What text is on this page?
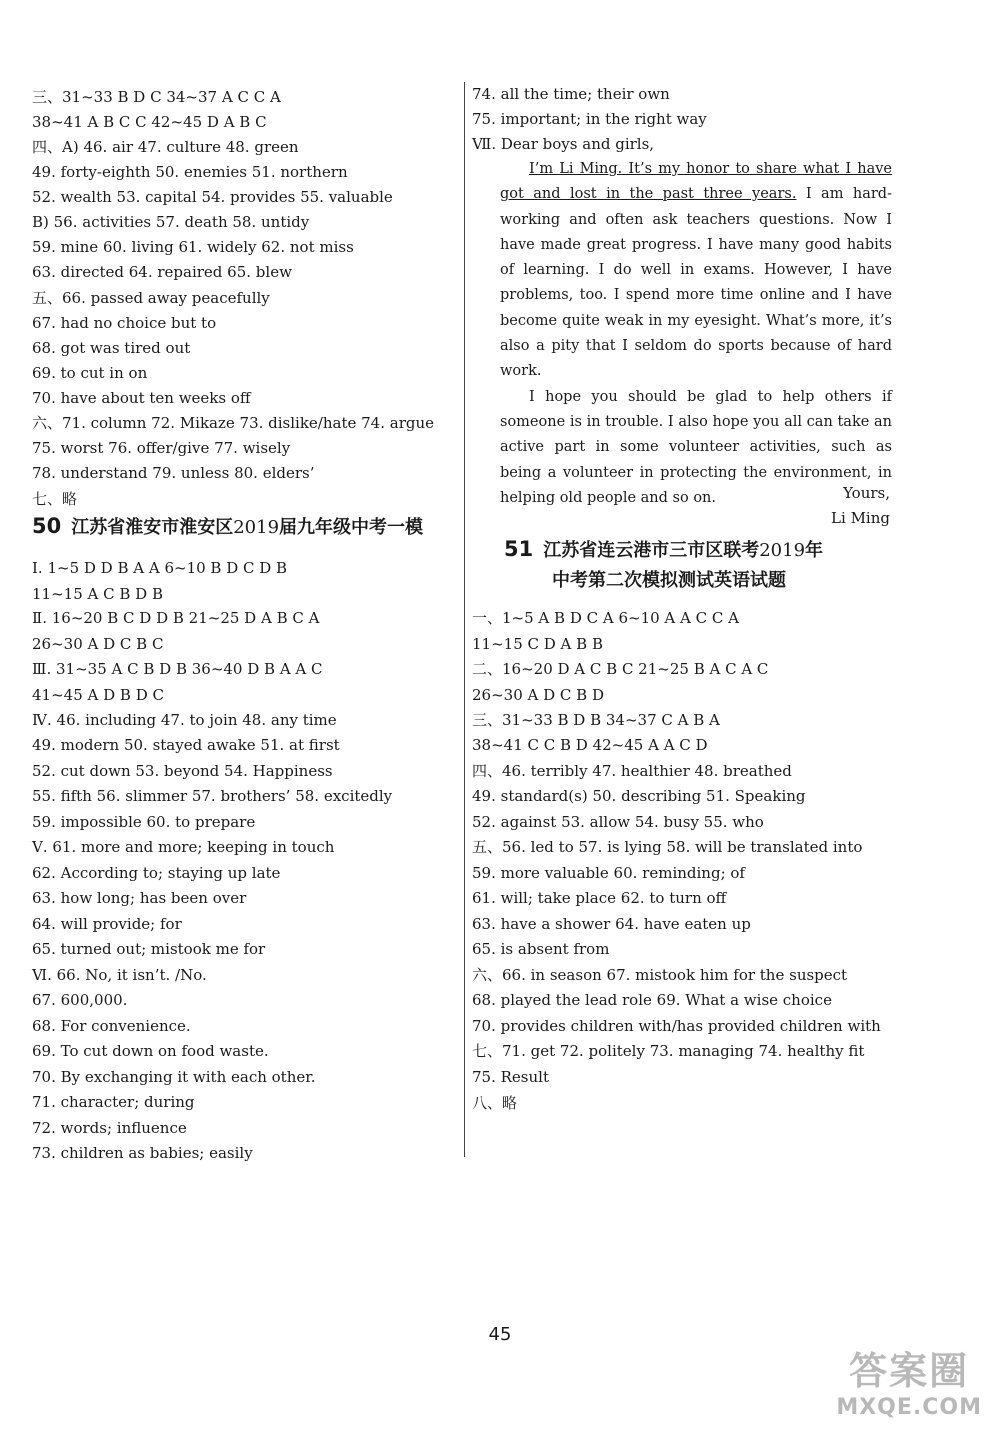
三、31~33 B D C 34~37 A C C A
38~41 A B C C 42~45 D A B C
四、A) 46. air 47. culture 48. green
49. forty-eighth 50. enemies 51. northern
52. wealth 53. capital 54. provides 55. valuable
B) 56. activities 57. death 58. untidy
59. mine 60. living 61. widely 62. not miss
63. directed 64. repaired 65. blew
五、66. passed away peacefully
67. had no choice but to
68. got was tired out
69. to cut in on
70. have about ten weeks off
六、71. column 72. Mikaze 73. dislike/hate 74. argue
75. worst 76. offer/give 77. wisely
78. understand 79. unless 80. elders’
七、略
50 江苏省淮安市淮安区2019届九年级中考一模
Ⅰ. 1~5 D D B A A 6~10 B D C D B
11~15 A C B D B
Ⅱ. 16~20 B C D D B 21~25 D A B C A
26~30 A D C B C
Ⅲ. 31~35 A C B D B 36~40 D B A A C
41~45 A D B D C
Ⅳ. 46. including 47. to join 48. any time
49. modern 50. stayed awake 51. at first
52. cut down 53. beyond 54. Happiness
55. fifth 56. slimmer 57. brothers’ 58. excitedly
59. impossible 60. to prepare
Ⅴ. 61. more and more; keeping in touch
62. According to; staying up late
63. how long; has been over
64. will provide; for
65. turned out; mistook me for
Ⅵ. 66. No, it isn’t. /No.
67. 600,000.
68. For convenience.
69. To cut down on food waste.
70. By exchanging it with each other.
71. character; during
72. words; influence
73. children as babies; easily
74. all the time; their own
75. important; in the right way
Ⅶ. Dear boys and girls,

I’m Li Ming. It’s my honor to share what I have got and lost in the past three years. I am hard-working and often ask teachers questions. Now I have made great progress. I have many good habits of learning. I do well in exams. However, I have problems, too. I spend more time online and I have become quite weak in my eyesight. What’s more, it’s also a pity that I seldom do sports because of hard work.

I hope you should be glad to help others if someone is in trouble. I also hope you all can take an active part in some volunteer activities, such as being a volunteer in protecting the environment, in helping old people and so on.	Yours,
Li Ming
51 江苏省连云港市三市区联考2019年
中考第二次模拟测试英语试题
一、1~5 A B D C A 6~10 A A C C A
11~15 C D A B B
二、16~20 D A C B C 21~25 B A C A C
26~30 A D C B D
三、31~33 B D B 34~37 C A B A
38~41 C C B D 42~45 A A C D
四、46. terribly 47. healthier 48. breathed
49. standard(s) 50. describing 51. Speaking
52. against 53. allow 54. busy 55. who
五、56. led to 57. is lying 58. will be translated into
59. more valuable 60. reminding; of
61. will; take place 62. to turn off
63. have a shower 64. have eaten up
65. is absent from
六、66. in season 67. mistook him for the suspect
68. played the lead role 69. What a wise choice
70. provides children with/has provided children with
七、71. get 72. politely 73. managing 74. healthy fit
75. Result
八、略
45
答案圈
MXQE.COM
